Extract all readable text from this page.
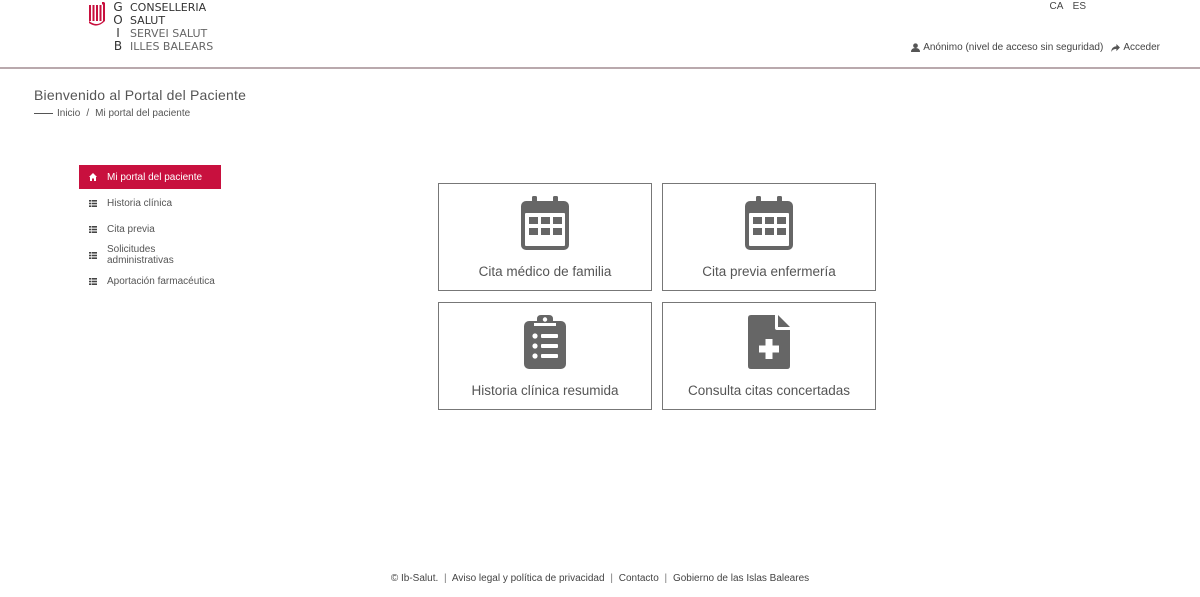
G
O
I
B
CONSELLERIA
SALUT
SERVEI SALUT
ILLES BALEARS
CA ES
Anónimo (nivel de acceso sin seguridad) Acceder
Bienvenido al Portal del Paciente
Inicio / Mi portal del paciente
Mi portal del paciente
Historia clínica
Cita previa
Solicitudes administrativas
Aportación farmacéutica
Cita médico de familia	Cita previa enfermería
Historia clínica resumida	Consulta citas concertadas
© Ib-Salut. | Aviso legal y política de privacidad | Contacto | Gobierno de las Islas Baleares
